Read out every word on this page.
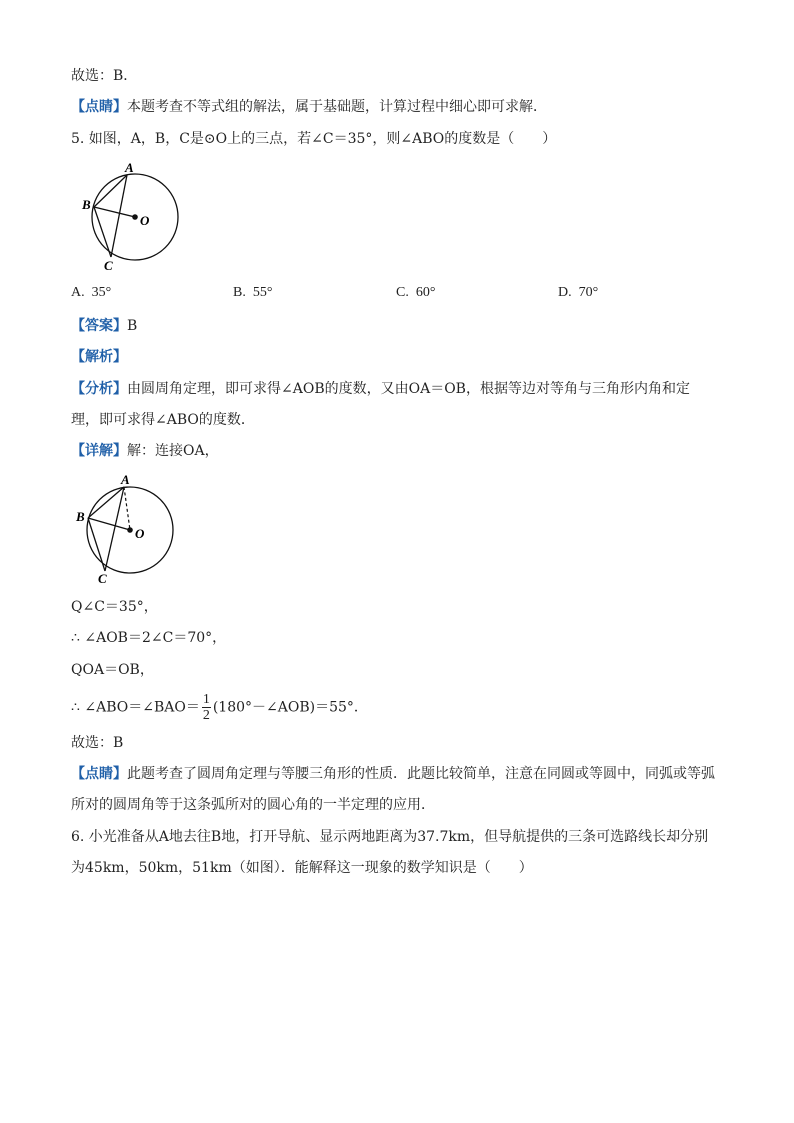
故选：B．
【点睛】本题考查不等式组的解法，属于基础题，计算过程中细心即可求解．
5. 如图，A，B，C是⊙O上的三点，若∠C＝35°，则∠ABO的度数是（　　）
A
B
O
C
A. 35°	B. 55°	C. 60°	D. 70°
【答案】B
【解析】
【分析】由圆周角定理，即可求得∠AOB的度数，又由OA＝OB，根据等边对等角与三角形内角和定
理，即可求得∠ABO的度数．
【详解】解：连接OA，
A
B
O
C
Q∠C＝35°，
∴ ∠AOB＝2∠C＝70°，
QOA＝OB，
∴ ∠ABO＝∠BAO＝ $\frac{1}{2}$ (180°－∠AOB)＝55°．
故选：B
【点睛】此题考查了圆周角定理与等腰三角形的性质．此题比较简单，注意在同圆或等圆中，同弧或等弧
所对的圆周角等于这条弧所对的圆心角的一半定理的应用．
6. 小光准备从A地去往B地，打开导航、显示两地距离为37.7km，但导航提供的三条可选路线长却分别
为45km，50km，51km（如图）．能解释这一现象的数学知识是（　　）
